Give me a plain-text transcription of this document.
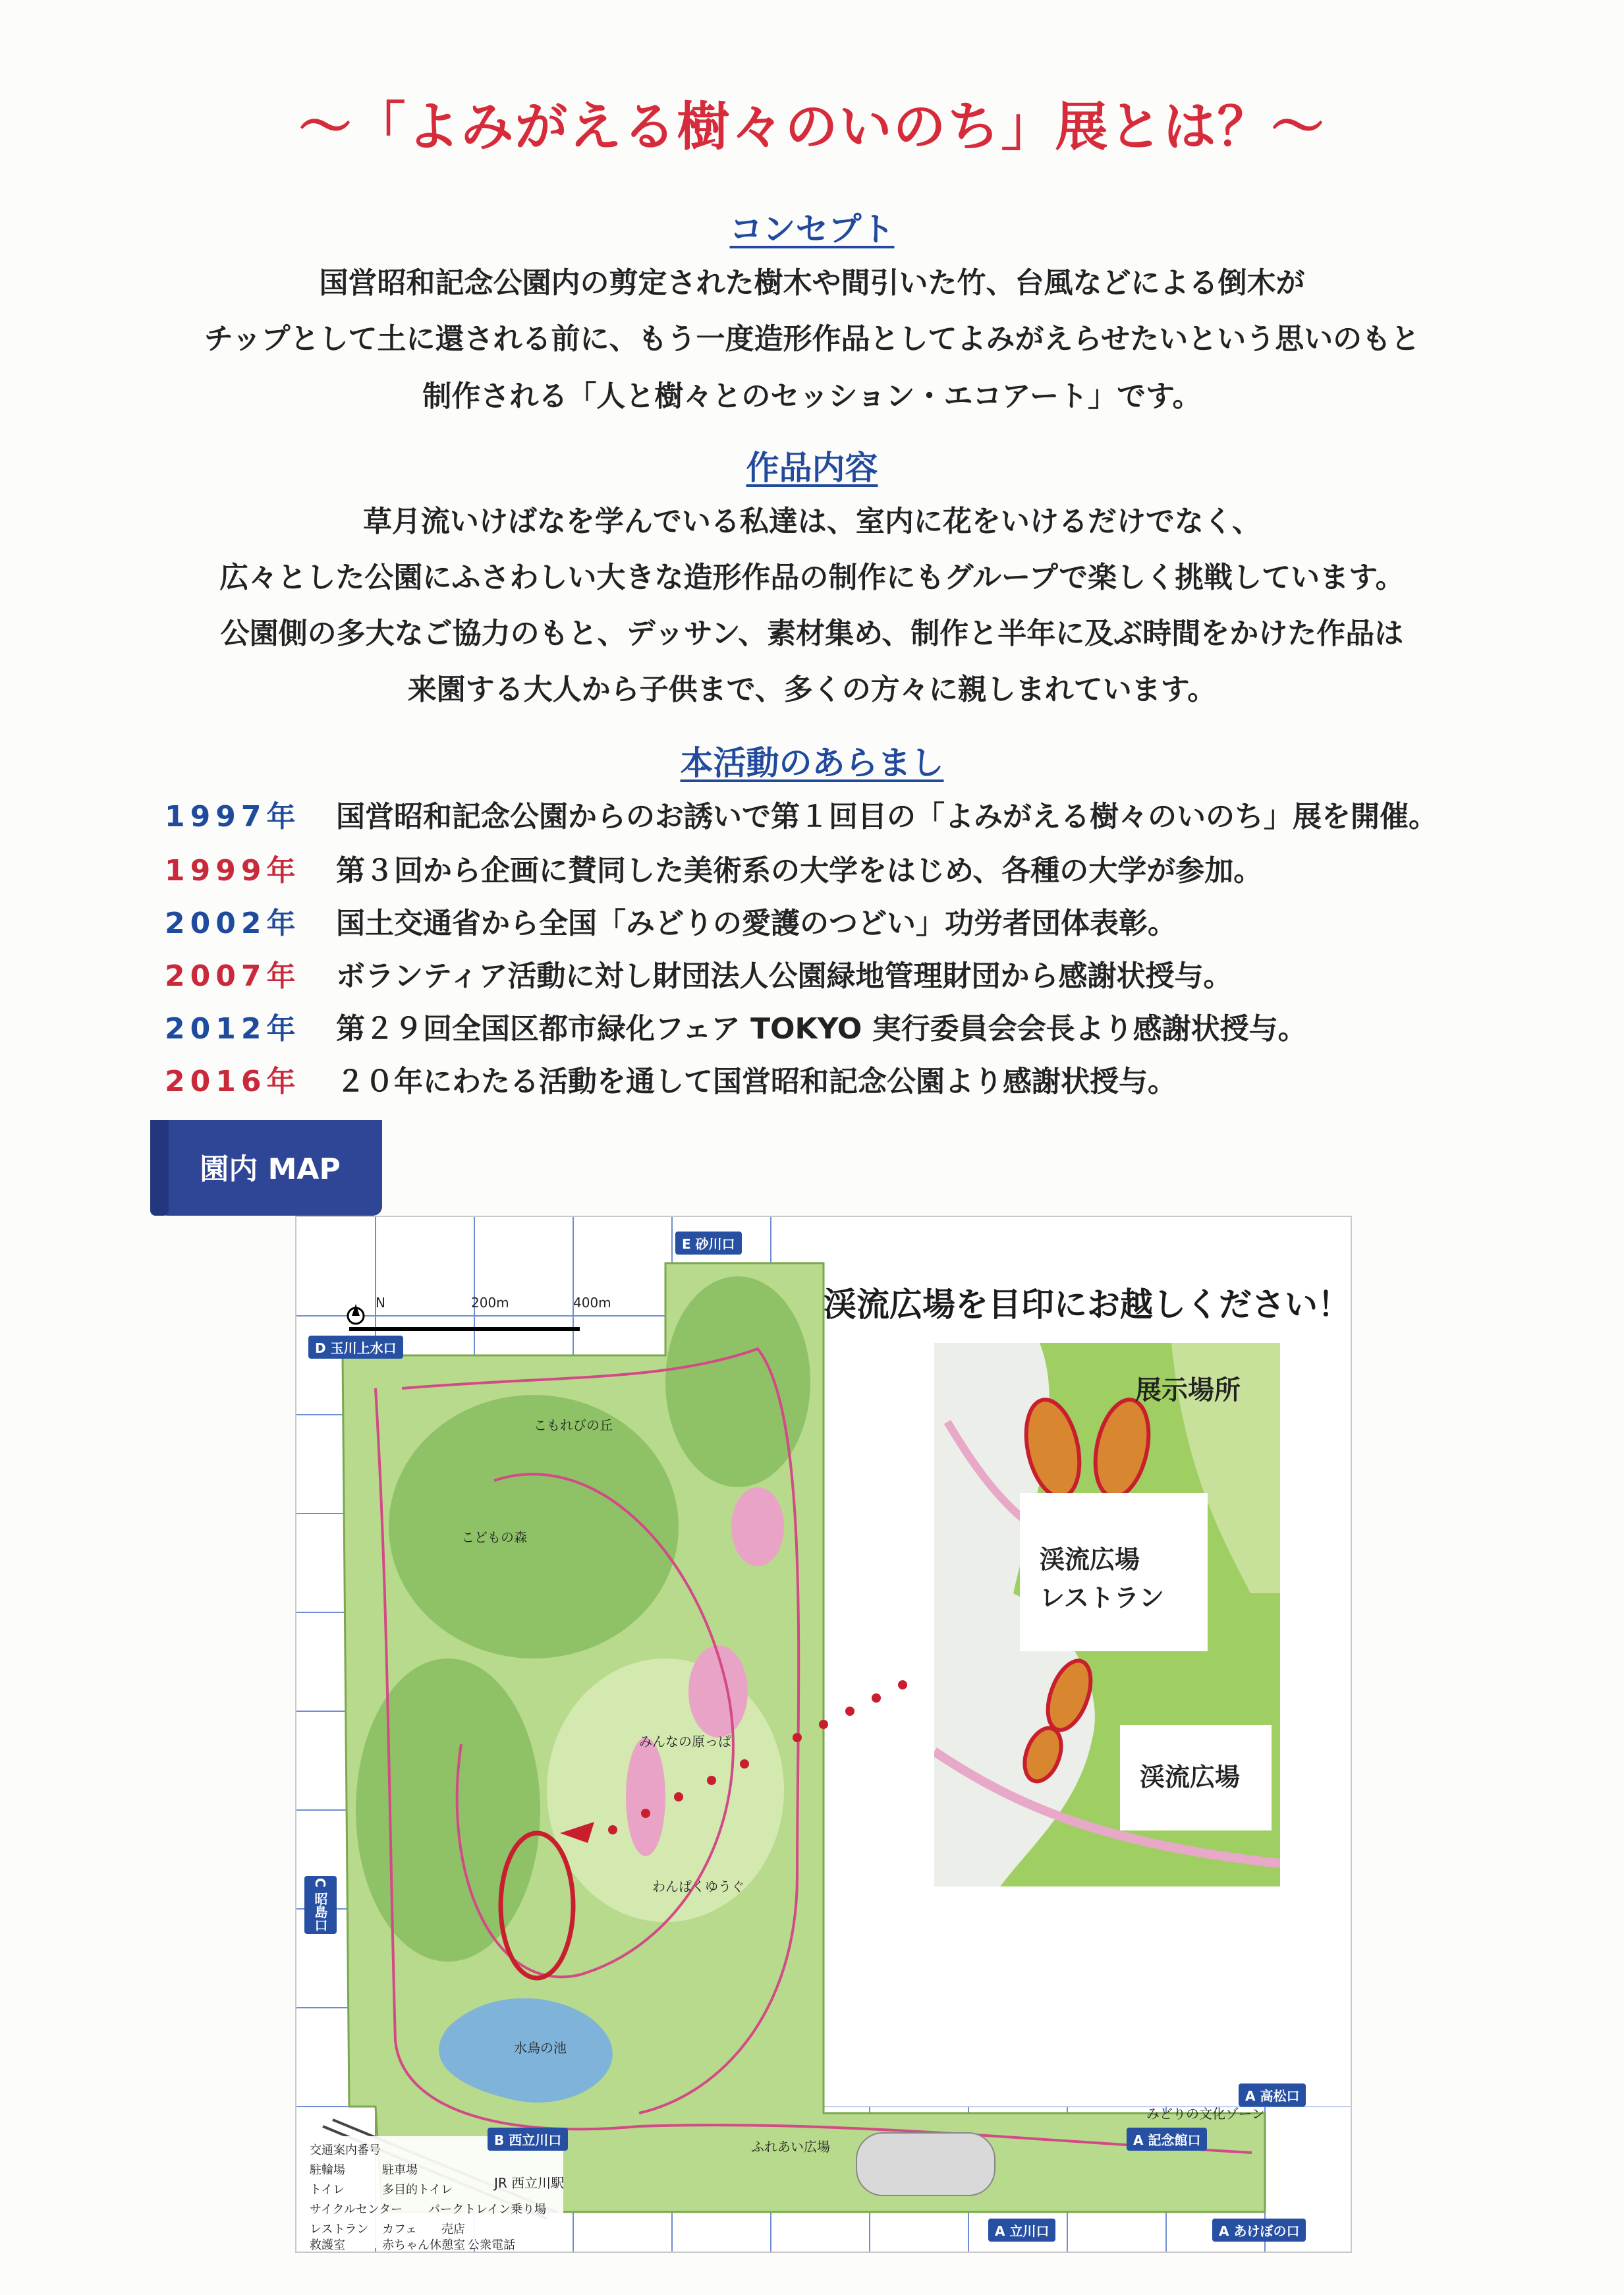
～「よみがえる樹々のいのち」展とは？～
コンセプト
国営昭和記念公園内の剪定された樹木や間引いた竹、台風などによる倒木が
チップとして土に還される前に、もう一度造形作品としてよみがえらせたいという思いのもと
制作される「人と樹々とのセッション・エコアート」です。
作品内容
草月流いけばなを学んでいる私達は、室内に花をいけるだけでなく、
広々とした公園にふさわしい大きな造形作品の制作にもグループで楽しく挑戦しています。
公園側の多大なご協力のもと、デッサン、素材集め、制作と半年に及ぶ時間をかけた作品は
来園する大人から子供まで、多くの方々に親しまれています。
本活動のあらまし
1997年	国営昭和記念公園からのお誘いで第１回目の「よみがえる樹々のいのち」展を開催。
1999年	第３回から企画に賛同した美術系の大学をはじめ、各種の大学が参加。
2002年	国土交通省から全国「みどりの愛護のつどい」功労者団体表彰。
2007年	ボランティア活動に対し財団法人公園緑地管理財団から感謝状授与。
2012年	第２９回全国区都市緑化フェア TOKYO 実行委員会会長より感謝状授与。
2016年	２０年にわたる活動を通して国営昭和記念公園より感謝状授与。
園内 MAP
N	200m	400m
E 砂川口
D 玉川上水口
C 昭島口
B 西立川口
A 高松口
A 記念館口
A 立川口	A あけぼの口
こもれびの丘
こどもの森
みんなの原っぱ
わんぱくゆうぐ
水鳥の池
ふれあい広場
みどりの文化ゾーン
JR 西立川駅
交通案内番号
駐輪場	駐車場
トイレ	多目的トイレ
サイクルセンター パークトレイン乗り場
レストラン カフェ 売店
救護室	赤ちゃん休憩室 公衆電話
渓流広場を目印にお越しください！
展示場所
渓流広場
レストラン
渓流広場
